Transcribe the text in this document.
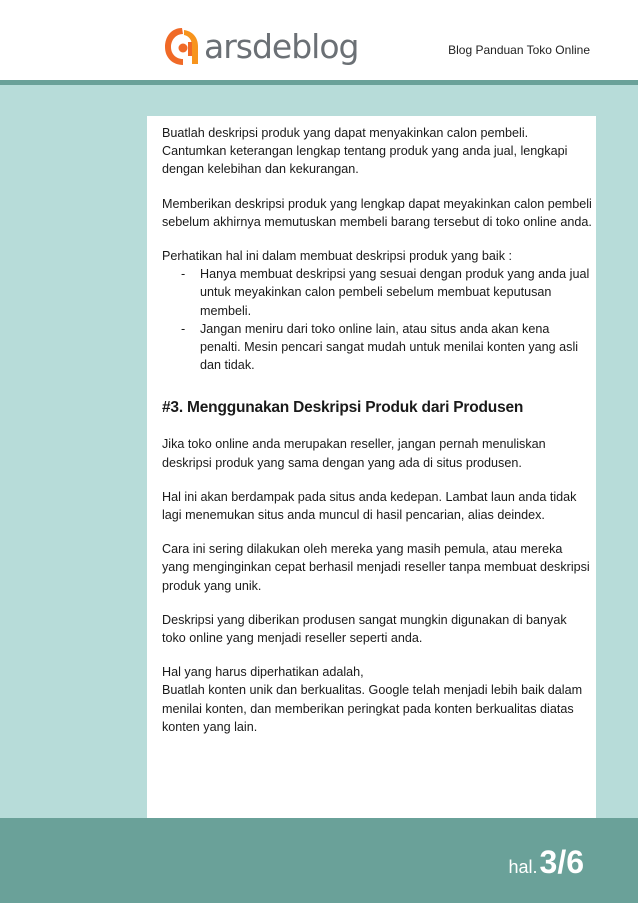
arsdeblog	Blog Panduan Toko Online

Buatlah deskripsi produk yang dapat menyakinkan calon pembeli. Cantumkan keterangan lengkap tentang produk yang anda jual, lengkapi dengan kelebihan dan kekurangan.

Memberikan deskripsi produk yang lengkap dapat meyakinkan calon pembeli sebelum akhirnya memutuskan membeli barang tersebut di toko online anda.

Perhatikan hal ini dalam membuat deskripsi produk yang baik :

- Hanya membuat deskripsi yang sesuai dengan produk yang anda jual untuk meyakinkan calon pembeli sebelum membuat keputusan membeli.
- Jangan meniru dari toko online lain, atau situs anda akan kena penalti. Mesin pencari sangat mudah untuk menilai konten yang asli dan tidak.
#3. Menggunakan Deskripsi Produk dari Produsen

Jika toko online anda merupakan reseller, jangan pernah menuliskan deskripsi produk yang sama dengan yang ada di situs produsen.

Hal ini akan berdampak pada situs anda kedepan. Lambat laun anda tidak lagi menemukan situs anda muncul di hasil pencarian, alias deindex.

Cara ini sering dilakukan oleh mereka yang masih pemula, atau mereka yang menginginkan cepat berhasil menjadi reseller tanpa membuat deskripsi produk yang unik.

Deskripsi yang diberikan produsen sangat mungkin digunakan di banyak toko online yang menjadi reseller seperti anda.

Hal yang harus diperhatikan adalah,
Buatlah konten unik dan berkualitas. Google telah menjadi lebih baik dalam menilai konten, dan memberikan peringkat pada konten berkualitas diatas konten yang lain.
hal. 3/6
